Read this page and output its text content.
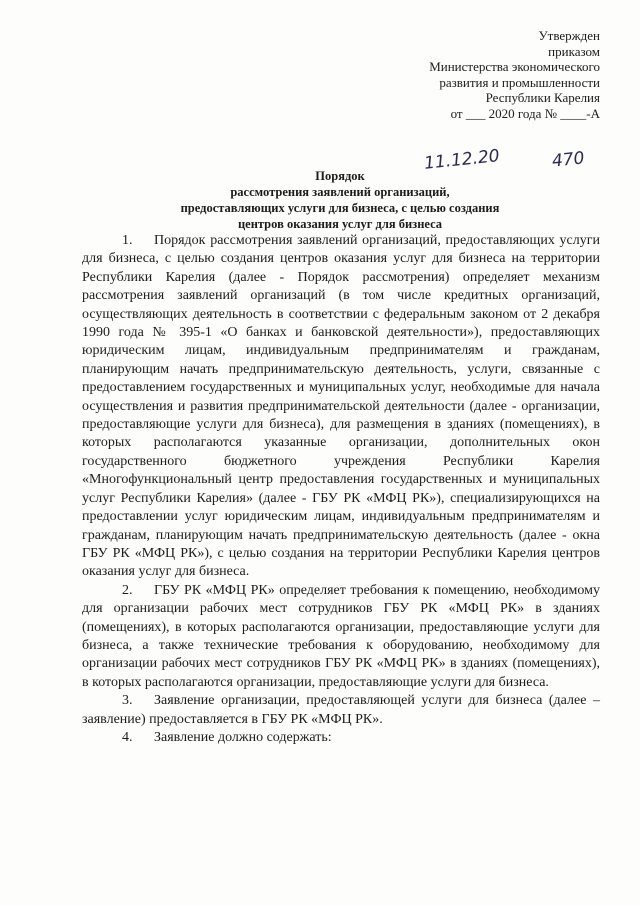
Утвержден
приказом
Министерства экономического
развития и промышленности
Республики Карелия
от ___ 2020 года № ____-А
11.12.20	470
Порядок
рассмотрения заявлений организаций,
предоставляющих услуги для бизнеса, с целью создания
центров оказания услуг для бизнеса

1. Порядок рассмотрения заявлений организаций, предоставляющих услуги для бизнеса, с целью создания центров оказания услуг для бизнеса на территории Республики Карелия (далее - Порядок рассмотрения) определяет механизм рассмотрения заявлений организаций (в том числе кредитных организаций, осуществляющих деятельность в соответствии с федеральным законом от 2 декабря 1990 года № 395-1 «О банках и банковской деятельности»), предоставляющих юридическим лицам, индивидуальным предпринимателям и гражданам, планирующим начать предпринимательскую деятельность, услуги, связанные с предоставлением государственных и муниципальных услуг, необходимые для начала осуществления и развития предпринимательской деятельности (далее - организации, предоставляющие услуги для бизнеса), для размещения в зданиях (помещениях), в которых располагаются указанные организации, дополнительных окон государственного бюджетного учреждения Республики Карелия «Многофункциональный центр предоставления государственных и муниципальных услуг Республики Карелия» (далее - ГБУ РК «МФЦ РК»), специализирующихся на предоставлении услуг юридическим лицам, индивидуальным предпринимателям и гражданам, планирующим начать предпринимательскую деятельность (далее - окна ГБУ РК «МФЦ РК»), с целью создания на территории Республики Карелия центров оказания услуг для бизнеса.

2. ГБУ РК «МФЦ РК» определяет требования к помещению, необходимому для организации рабочих мест сотрудников ГБУ РК «МФЦ РК» в зданиях (помещениях), в которых располагаются организации, предоставляющие услуги для бизнеса, а также технические требования к оборудованию, необходимому для организации рабочих мест сотрудников ГБУ РК «МФЦ РК» в зданиях (помещениях), в которых располагаются организации, предоставляющие услуги для бизнеса.

3. Заявление организации, предоставляющей услуги для бизнеса (далее – заявление) предоставляется в ГБУ РК «МФЦ РК».

4. Заявление должно содержать:
